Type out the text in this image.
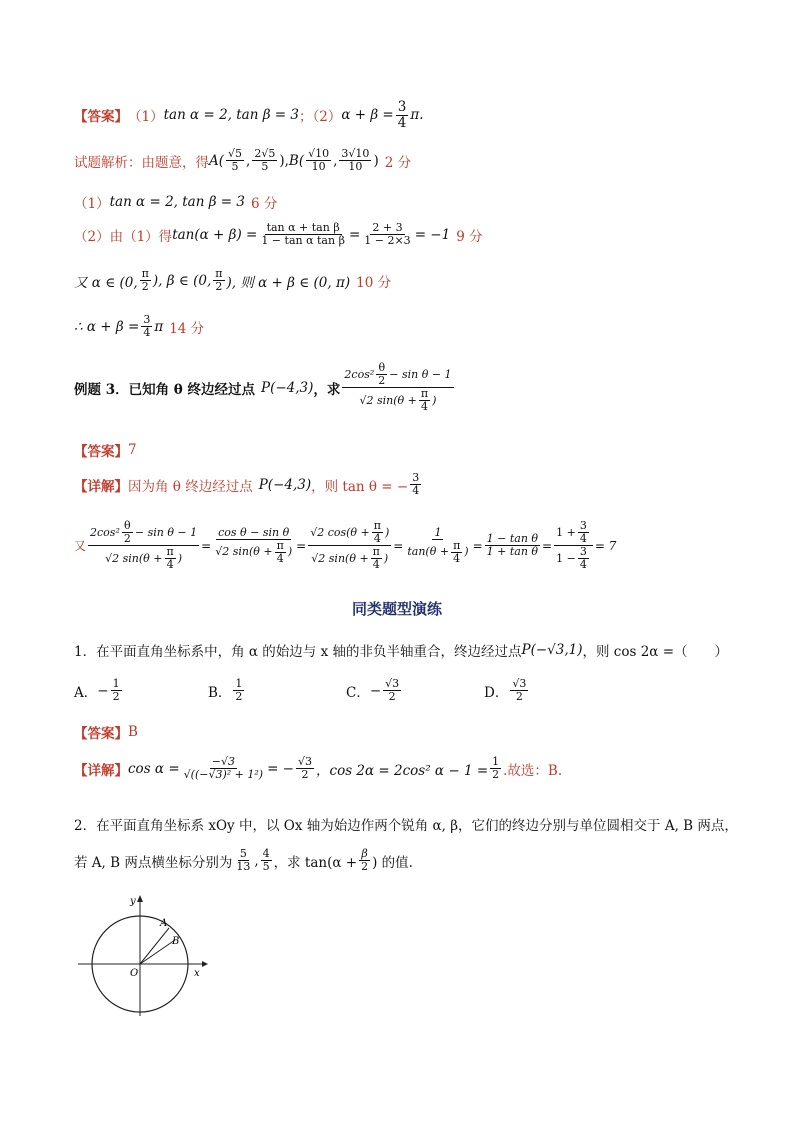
【答案】 （1） tan α = 2, tan β = 3 ；（2） $\alpha + \beta = \frac{3}{4} \pi$.
试题解析：由题意，得 $A( \frac{√5}{5}$ , $\frac{2√5}{5}$ ), $B( \frac{√10}{10}$ , $\frac{3√10}{10}$ ) 2 分
（1） tan α = 2, tan β = 3 6 分
（2）由（1）得 $\tan(\alpha + \beta) = \frac{\text{tan α + tan β}}{\text{1 − tan α tan β}} = \frac{2 + 3}{1 - 2\times 3} = -1$ 9 分
又 α ∈ (0, $\frac{\pi}{2}$ ), β ∈ (0, $\frac{\pi}{2}$ ), 则 α + β ∈ (0, π) 10 分
∴ $\alpha + \beta = \frac{3}{4}$ π 14 分
例题 3．已知角 θ 终边经过点 P(−4,3) ，求 $\frac{2\cos^2 \frac{\theta}{2} - \sin \theta - 1}{√2 \sin(\theta + \frac{\pi}{4} )}$
【答案】 7
【详解】 因为角 θ 终边经过点 P(−4,3) ，则 tan θ = − $\frac{3}{4}$
又 $\frac{2\cos^2 \frac{\theta}{2} - \sin \theta - 1}{√2 \sin(\theta + \frac{\pi}{4} )} = \frac{\text{cos θ − sin θ}}{√2 \sin(\theta + \frac{\pi}{4} )} = \frac{√2 \cos(\theta + \frac{\pi}{4} )}{√2 \sin(\theta + \frac{\pi}{4} )} = \frac{1}{\tan(\theta + \frac{\pi}{4} )} = \frac{\text{1 − tan θ}}{\text{1 + tan θ}} = \frac{1 + \frac{3}{4}}{1 - \frac{3}{4}} = 7$
同类题型演练
1．在平面直角坐标系中，角 α 的始边与 x 轴的非负半轴重合，终边经过点 P(−√3,1) ，则 cos 2α =（　　）
A． − $\frac{1}{2}$	B． $\frac{1}{2}$	C． − $\frac{√3}{2}$	D． $\frac{√3}{2}$
【答案】 B
【详解】 $\cos \alpha = \frac{-√3}{\text{√((−√3)² + 1²)}}$ = − $\frac{√3}{2}$ ，cos 2α = 2cos² $\alpha - 1 = \frac{1}{2}$ .故选：B.
2．在平面直角坐标系 xOy 中，以 Ox 轴为始边作两个锐角 α, β，它们的终边分别与单位圆相交于 A, B 两点，
若 A, B 两点横坐标分别为 $\frac{5}{13}$ , $\frac{4}{5}$ ，求 $\tan(\alpha + \frac{\beta}{2}$ ) 的值.
y
x
O
A
B
